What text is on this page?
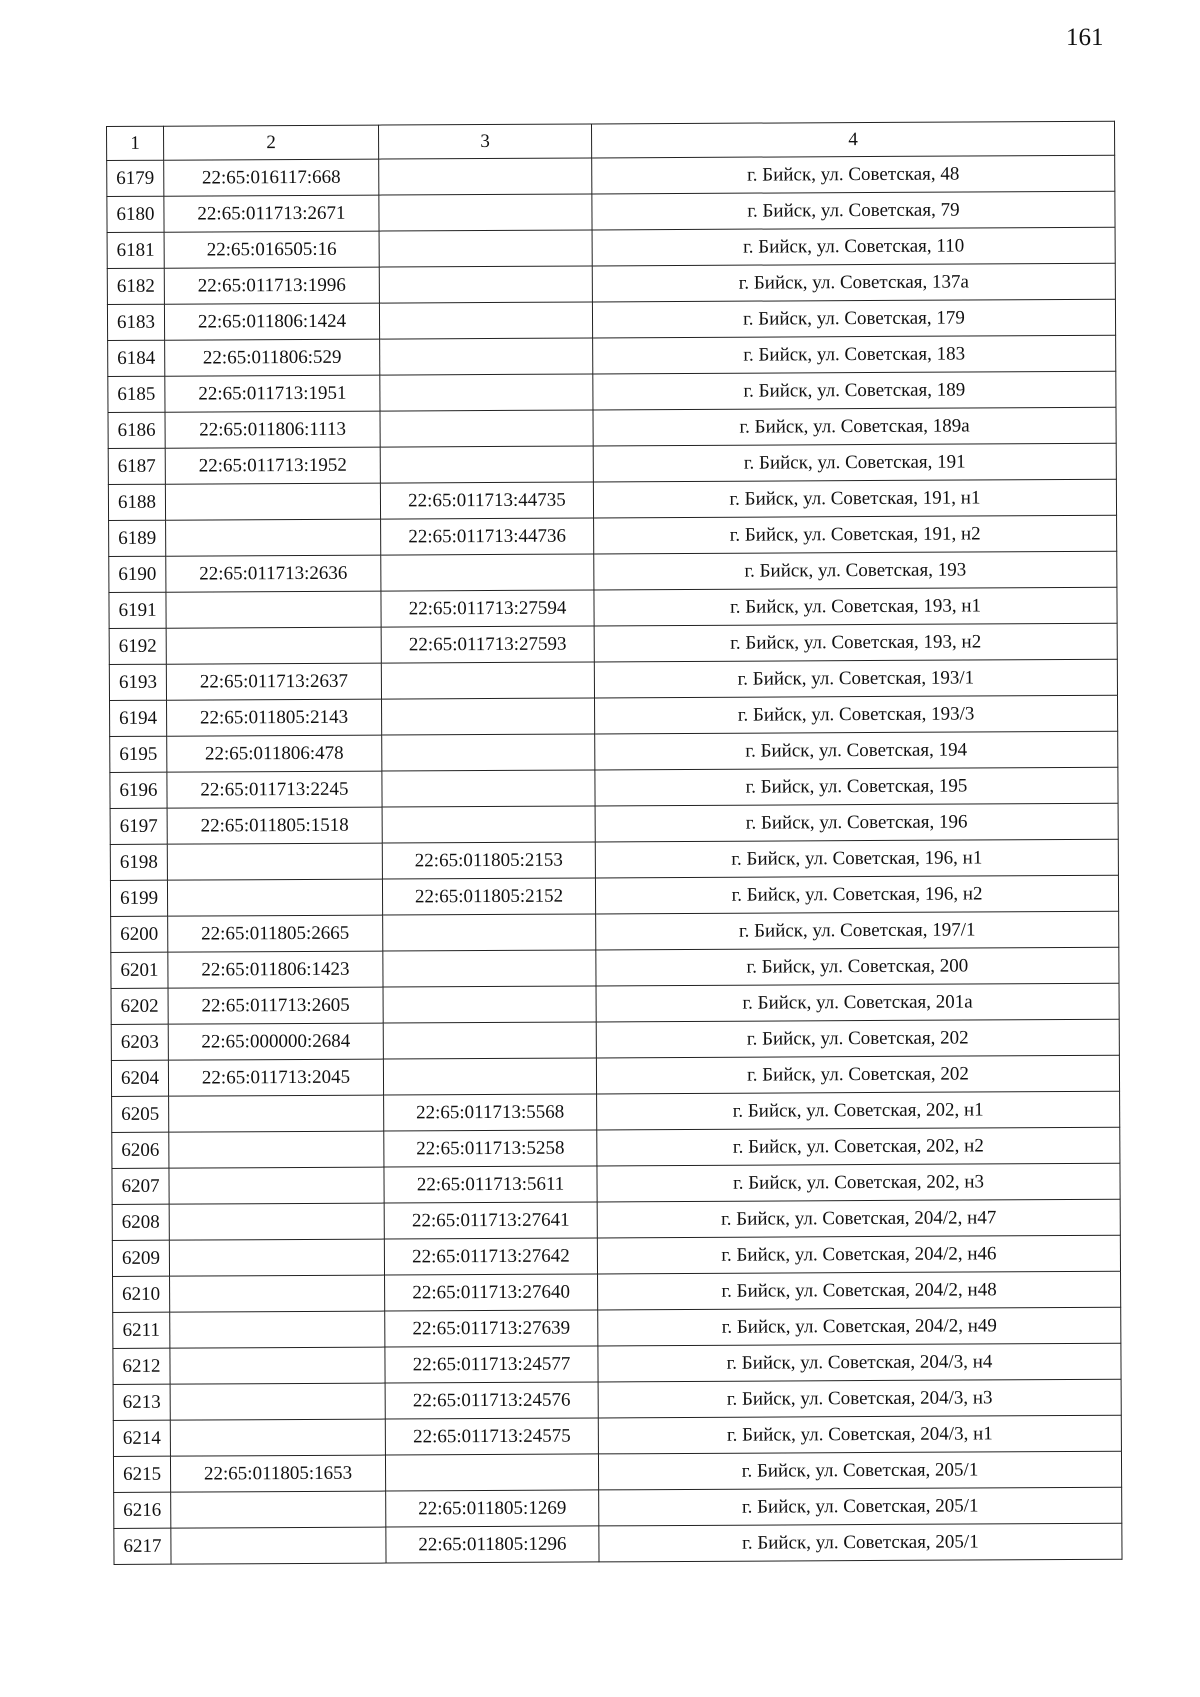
161
1	2	3	4
6179	22:65:016117:668		г. Бийск, ул. Советская, 48
6180	22:65:011713:2671		г. Бийск, ул. Советская, 79
6181	22:65:016505:16		г. Бийск, ул. Советская, 110
6182	22:65:011713:1996		г. Бийск, ул. Советская, 137а
6183	22:65:011806:1424		г. Бийск, ул. Советская, 179
6184	22:65:011806:529		г. Бийск, ул. Советская, 183
6185	22:65:011713:1951		г. Бийск, ул. Советская, 189
6186	22:65:011806:1113		г. Бийск, ул. Советская, 189а
6187	22:65:011713:1952		г. Бийск, ул. Советская, 191
6188		22:65:011713:44735	г. Бийск, ул. Советская, 191, н1
6189		22:65:011713:44736	г. Бийск, ул. Советская, 191, н2
6190	22:65:011713:2636		г. Бийск, ул. Советская, 193
6191		22:65:011713:27594	г. Бийск, ул. Советская, 193, н1
6192		22:65:011713:27593	г. Бийск, ул. Советская, 193, н2
6193	22:65:011713:2637		г. Бийск, ул. Советская, 193/1
6194	22:65:011805:2143		г. Бийск, ул. Советская, 193/3
6195	22:65:011806:478		г. Бийск, ул. Советская, 194
6196	22:65:011713:2245		г. Бийск, ул. Советская, 195
6197	22:65:011805:1518		г. Бийск, ул. Советская, 196
6198		22:65:011805:2153	г. Бийск, ул. Советская, 196, н1
6199		22:65:011805:2152	г. Бийск, ул. Советская, 196, н2
6200	22:65:011805:2665		г. Бийск, ул. Советская, 197/1
6201	22:65:011806:1423		г. Бийск, ул. Советская, 200
6202	22:65:011713:2605		г. Бийск, ул. Советская, 201а
6203	22:65:000000:2684		г. Бийск, ул. Советская, 202
6204	22:65:011713:2045		г. Бийск, ул. Советская, 202
6205		22:65:011713:5568	г. Бийск, ул. Советская, 202, н1
6206		22:65:011713:5258	г. Бийск, ул. Советская, 202, н2
6207		22:65:011713:5611	г. Бийск, ул. Советская, 202, н3
6208		22:65:011713:27641	г. Бийск, ул. Советская, 204/2, н47
6209		22:65:011713:27642	г. Бийск, ул. Советская, 204/2, н46
6210		22:65:011713:27640	г. Бийск, ул. Советская, 204/2, н48
6211		22:65:011713:27639	г. Бийск, ул. Советская, 204/2, н49
6212		22:65:011713:24577	г. Бийск, ул. Советская, 204/3, н4
6213		22:65:011713:24576	г. Бийск, ул. Советская, 204/3, н3
6214		22:65:011713:24575	г. Бийск, ул. Советская, 204/3, н1
6215	22:65:011805:1653		г. Бийск, ул. Советская, 205/1
6216		22:65:011805:1269	г. Бийск, ул. Советская, 205/1
6217		22:65:011805:1296	г. Бийск, ул. Советская, 205/1
